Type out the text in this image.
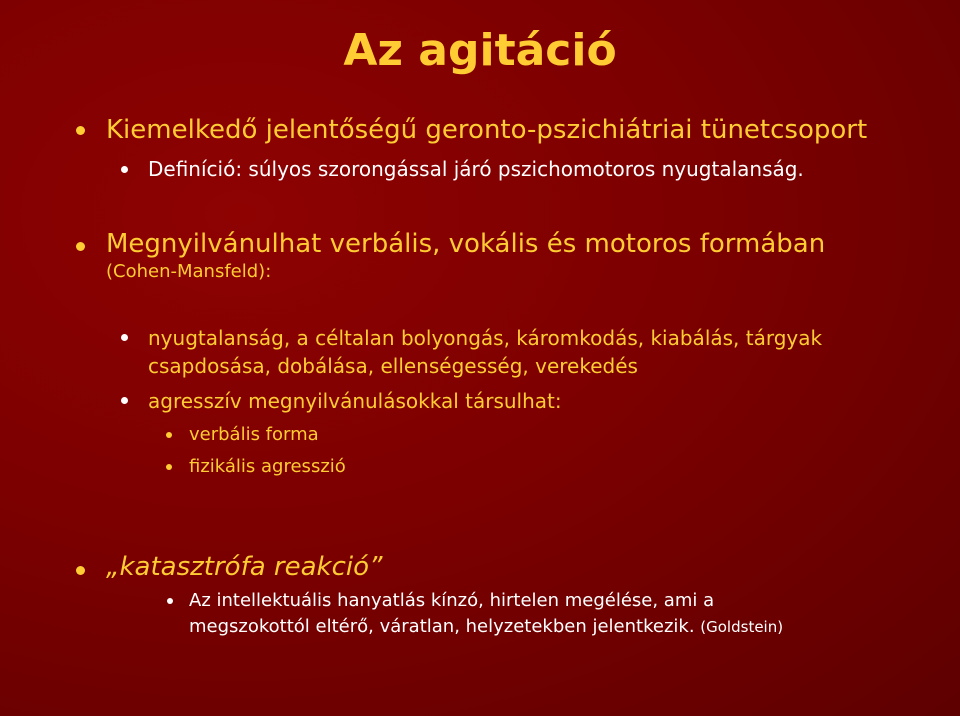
Az agitáció
Kiemelkedő jelentőségű geronto-pszichiátriai tünetcsoport
Definíció: súlyos szorongással járó pszichomotoros nyugtalanság.
Megnyilvánulhat verbális, vokális és motoros formában
(Cohen-Mansfeld):
nyugtalanság, a céltalan bolyongás, káromkodás, kiabálás, tárgyak
csapdosása, dobálása, ellenségesség, verekedés
agresszív megnyilvánulásokkal társulhat:
verbális forma
fizikális agresszió
„katasztrófa reakció”
Az intellektuális hanyatlás kínzó, hirtelen megélése, ami a
megszokottól eltérő, váratlan, helyzetekben jelentkezik. (Goldstein)
